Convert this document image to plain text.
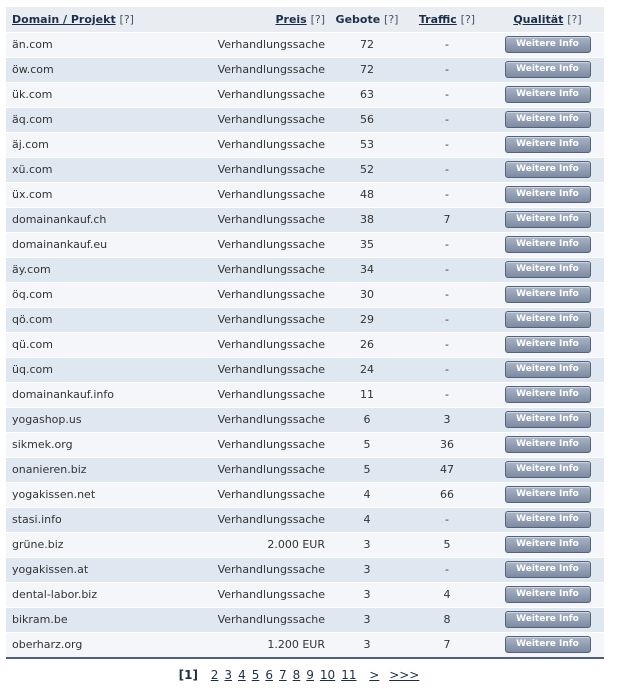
Domain / Projekt [?]	Preis [?]	Gebote [?]	Traffic [?]	Qualität [?]
än.com	Verhandlungssache	72	-	Weitere Info
öw.com	Verhandlungssache	72	-	Weitere Info
ük.com	Verhandlungssache	63	-	Weitere Info
äq.com	Verhandlungssache	56	-	Weitere Info
äj.com	Verhandlungssache	53	-	Weitere Info
xü.com	Verhandlungssache	52	-	Weitere Info
üx.com	Verhandlungssache	48	-	Weitere Info
domainankauf.ch	Verhandlungssache	38	7	Weitere Info
domainankauf.eu	Verhandlungssache	35	-	Weitere Info
äy.com	Verhandlungssache	34	-	Weitere Info
öq.com	Verhandlungssache	30	-	Weitere Info
qö.com	Verhandlungssache	29	-	Weitere Info
qü.com	Verhandlungssache	26	-	Weitere Info
üq.com	Verhandlungssache	24	-	Weitere Info
domainankauf.info	Verhandlungssache	11	-	Weitere Info
yogashop.us	Verhandlungssache	6	3	Weitere Info
sikmek.org	Verhandlungssache	5	36	Weitere Info
onanieren.biz	Verhandlungssache	5	47	Weitere Info
yogakissen.net	Verhandlungssache	4	66	Weitere Info
stasi.info	Verhandlungssache	4	-	Weitere Info
grüne.biz	2.000 EUR	3	5	Weitere Info
yogakissen.at	Verhandlungssache	3	-	Weitere Info
dental-labor.biz	Verhandlungssache	3	4	Weitere Info
bikram.be	Verhandlungssache	3	8	Weitere Info
oberharz.org	1.200 EUR	3	7	Weitere Info
[1] 2 3 4 5 6 7 8 9 10 11 > >>>
